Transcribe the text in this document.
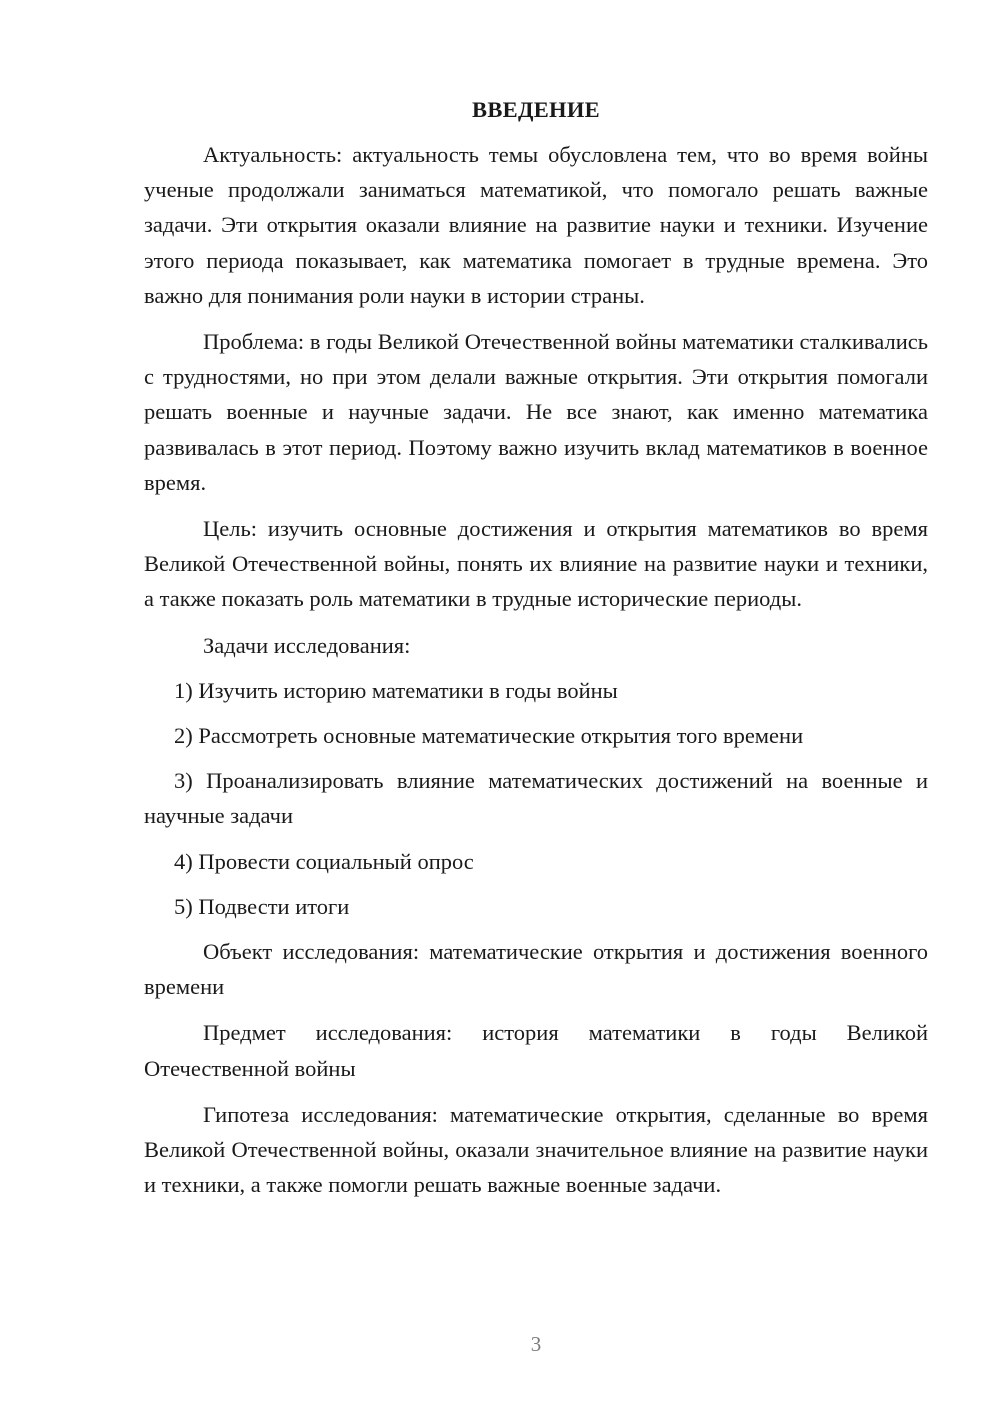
ВВЕДЕНИЕ

Актуальность: актуальность темы обусловлена тем, что во время войны ученые продолжали заниматься математикой, что помогало решать важные задачи. Эти открытия оказали влияние на развитие науки и техники. Изучение этого периода показывает, как математика помогает в трудные времена. Это важно для понимания роли науки в истории страны.

Проблема: в годы Великой Отечественной войны математики сталкивались с трудностями, но при этом делали важные открытия. Эти открытия помогали решать военные и научные задачи. Не все знают, как именно математика развивалась в этот период. Поэтому важно изучить вклад математиков в военное время.

Цель: изучить основные достижения и открытия математиков во время Великой Отечественной войны, понять их влияние на развитие науки и техники, а также показать роль математики в трудные исторические периоды.

Задачи исследования:

1) Изучить историю математики в годы войны

2) Рассмотреть основные математические открытия того времени

3) Проанализировать влияние математических достижений на военные и научные задачи

4) Провести социальный опрос

5) Подвести итоги

Объект исследования: математические открытия и достижения военного времени

Предмет исследования: история математики в годы Великой Отечественной войны

Гипотеза исследования: математические открытия, сделанные во время Великой Отечественной войны, оказали значительное влияние на развитие науки и техники, а также помогли решать важные военные задачи.

3
